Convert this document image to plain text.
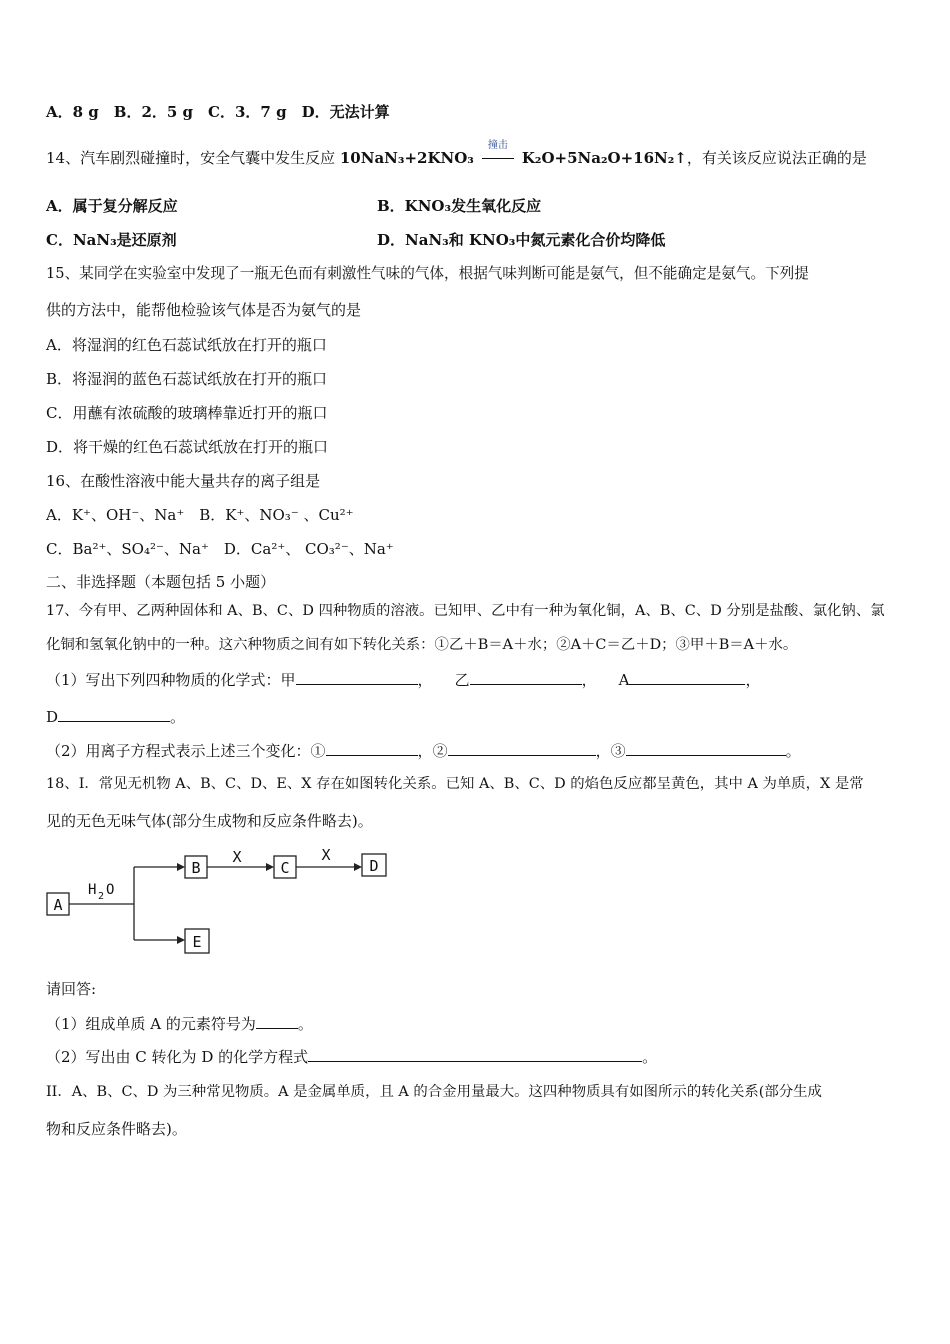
A．8 g　B．2．5 g　C．3．7 g　D．无法计算
14、汽车剧烈碰撞时，安全气囊中发生反应 10NaN₃+2KNO₃
撞击
K₂O+5Na₂O+16N₂↑，有关该反应说法正确的是
A．属于复分解反应	B．KNO₃发生氧化反应
C．NaN₃是还原剂	D．NaN₃和 KNO₃中氮元素化合价均降低
15、某同学在实验室中发现了一瓶无色而有刺激性气味的气体，根据气味判断可能是氨气，但不能确定是氨气。下列提
供的方法中，能帮他检验该气体是否为氨气的是
A．将湿润的红色石蕊试纸放在打开的瓶口
B．将湿润的蓝色石蕊试纸放在打开的瓶口
C．用蘸有浓硫酸的玻璃棒靠近打开的瓶口
D．将干燥的红色石蕊试纸放在打开的瓶口
16、在酸性溶液中能大量共存的离子组是
A．K⁺、OH⁻、Na⁺　B．K⁺、NO₃⁻ 、Cu²⁺
C．Ba²⁺、SO₄²⁻、Na⁺　D．Ca²⁺、 CO₃²⁻、Na⁺
二、非选择题（本题包括 5 小题）
17、今有甲、乙两种固体和 A、B、C、D 四种物质的溶液。已知甲、乙中有一种为氧化铜，A、B、C、D 分别是盐酸、氯化钠、氯
化铜和氢氧化钠中的一种。这六种物质之间有如下转化关系：①乙＋B＝A＋水；②A＋C＝乙＋D；③甲＋B＝A＋水。
（1）写出下列四种物质的化学式：甲	， 乙	， A	，
D	。
（2）用离子方程式表示上述三个变化：①	，②	，③	。
18、I．常见无机物 A、B、C、D、E、X 存在如图转化关系。已知 A、B、C、D 的焰色反应都呈黄色，其中 A 为单质，X 是常
见的无色无味气体(部分生成物和反应条件略去)。
A
B	C	D
E
X	X
H 2 O
请回答:
（1）组成单质 A 的元素符号为	。
（2）写出由 C 转化为 D 的化学方程式	。
II．A、B、C、D 为三种常见物质。A 是金属单质，且 A 的合金用量最大。这四种物质具有如图所示的转化关系(部分生成
物和反应条件略去)。
